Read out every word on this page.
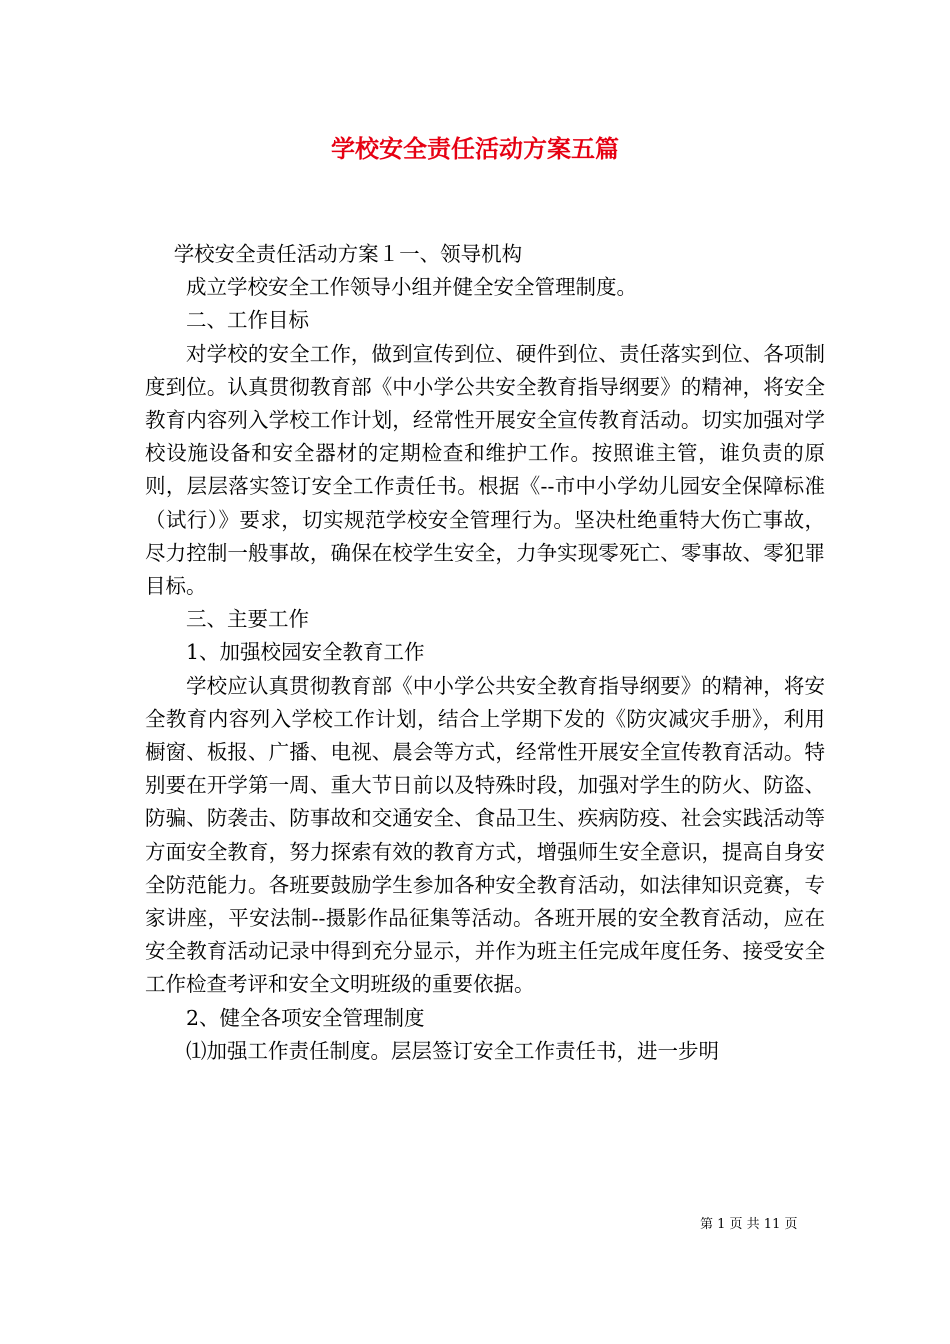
学校安全责任活动方案五篇

学校安全责任活动方案１一、领导机构

成立学校安全工作领导小组并健全安全管理制度。

二、工作目标

对学校的安全工作，做到宣传到位、硬件到位、责任落实到位、各项制度到位。认真贯彻教育部《中小学公共安全教育指导纲要》的精神，将安全教育内容列入学校工作计划，经常性开展安全宣传教育活动。切实加强对学校设施设备和安全器材的定期检查和维护工作。按照谁主管，谁负责的原则，层层落实签订安全工作责任书。根据《--市中小学幼儿园安全保障标准（试行）》要求，切实规范学校安全管理行为。坚决杜绝重特大伤亡事故，尽力控制一般事故，确保在校学生安全，力争实现零死亡、零事故、零犯罪目标。

三、主要工作

1、加强校园安全教育工作

学校应认真贯彻教育部《中小学公共安全教育指导纲要》的精神，将安全教育内容列入学校工作计划，结合上学期下发的《防灾减灾手册》，利用橱窗、板报、广播、电视、晨会等方式，经常性开展安全宣传教育活动。特别要在开学第一周、重大节日前以及特殊时段，加强对学生的防火、防盗、防骗、防袭击、防事故和交通安全、食品卫生、疾病防疫、社会实践活动等方面安全教育，努力探索有效的教育方式，增强师生安全意识，提高自身安全防范能力。各班要鼓励学生参加各种安全教育活动，如法律知识竞赛，专家讲座，平安法制--摄影作品征集等活动。各班开展的安全教育活动，应在安全教育活动记录中得到充分显示，并作为班主任完成年度任务、接受安全工作检查考评和安全文明班级的重要依据。

2、健全各项安全管理制度

⑴加强工作责任制度。层层签订安全工作责任书，进一步明

第 1 页 共 11 页
